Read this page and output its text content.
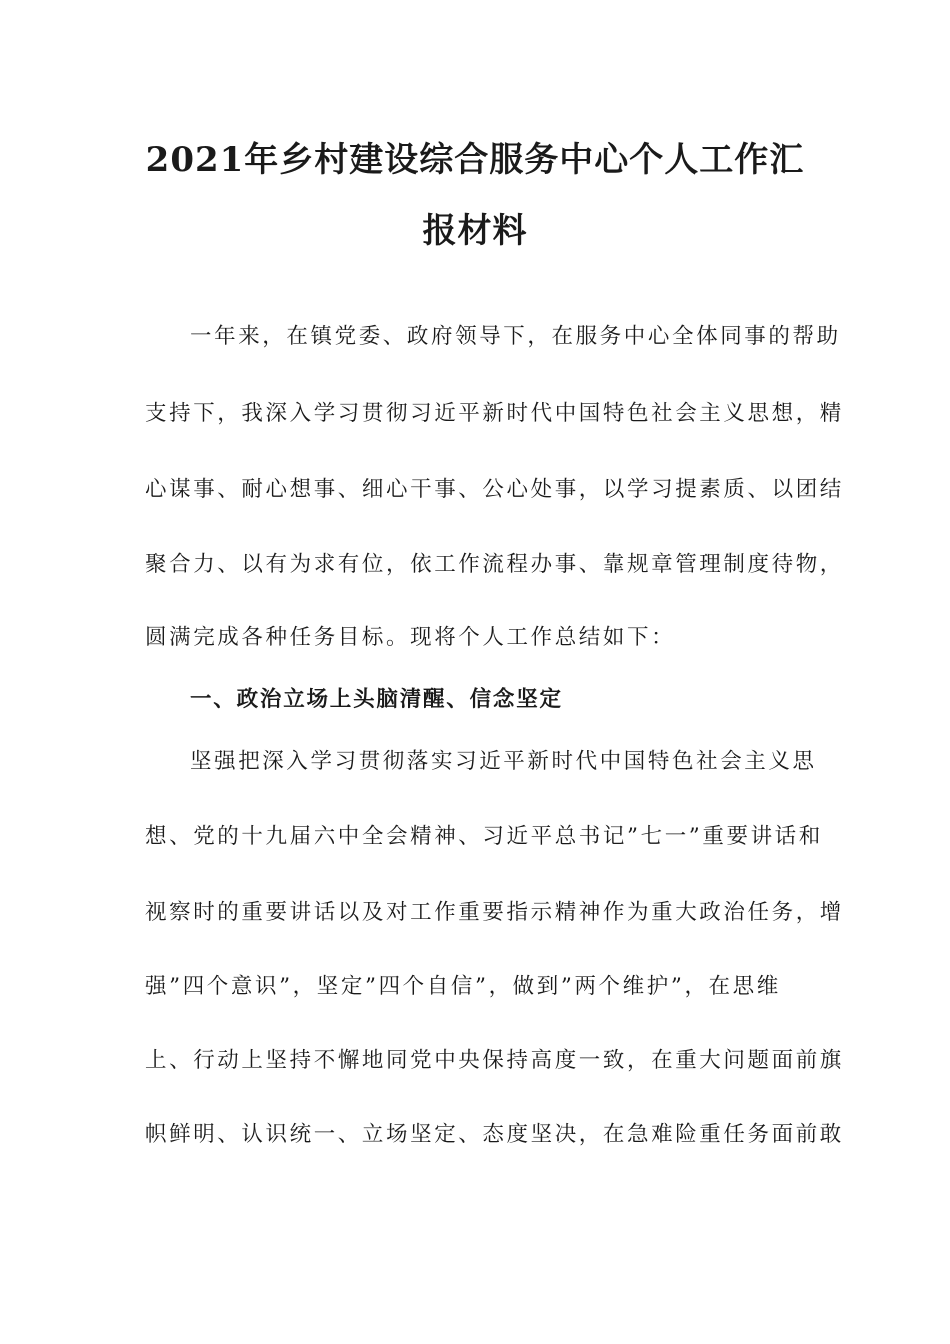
2021年乡村建设综合服务中心个人工作汇
报材料
一年来，在镇党委、政府领导下，在服务中心全体同事的帮助
支持下，我深入学习贯彻习近平新时代中国特色社会主义思想，精
心谋事、耐心想事、细心干事、公心处事，以学习提素质、以团结
聚合力、以有为求有位，依工作流程办事、靠规章管理制度待物，
圆满完成各种任务目标。现将个人工作总结如下：
一、政治立场上头脑清醒、信念坚定
坚强把深入学习贯彻落实习近平新时代中国特色社会主义思
想、党的十九届六中全会精神、习近平总书记”七一”重要讲话和
视察时的重要讲话以及对工作重要指示精神作为重大政治任务，增
强”四个意识”，坚定”四个自信”，做到”两个维护”，在思维
上、行动上坚持不懈地同党中央保持高度一致，在重大问题面前旗
帜鲜明、认识统一、立场坚定、态度坚决，在急难险重任务面前敢
